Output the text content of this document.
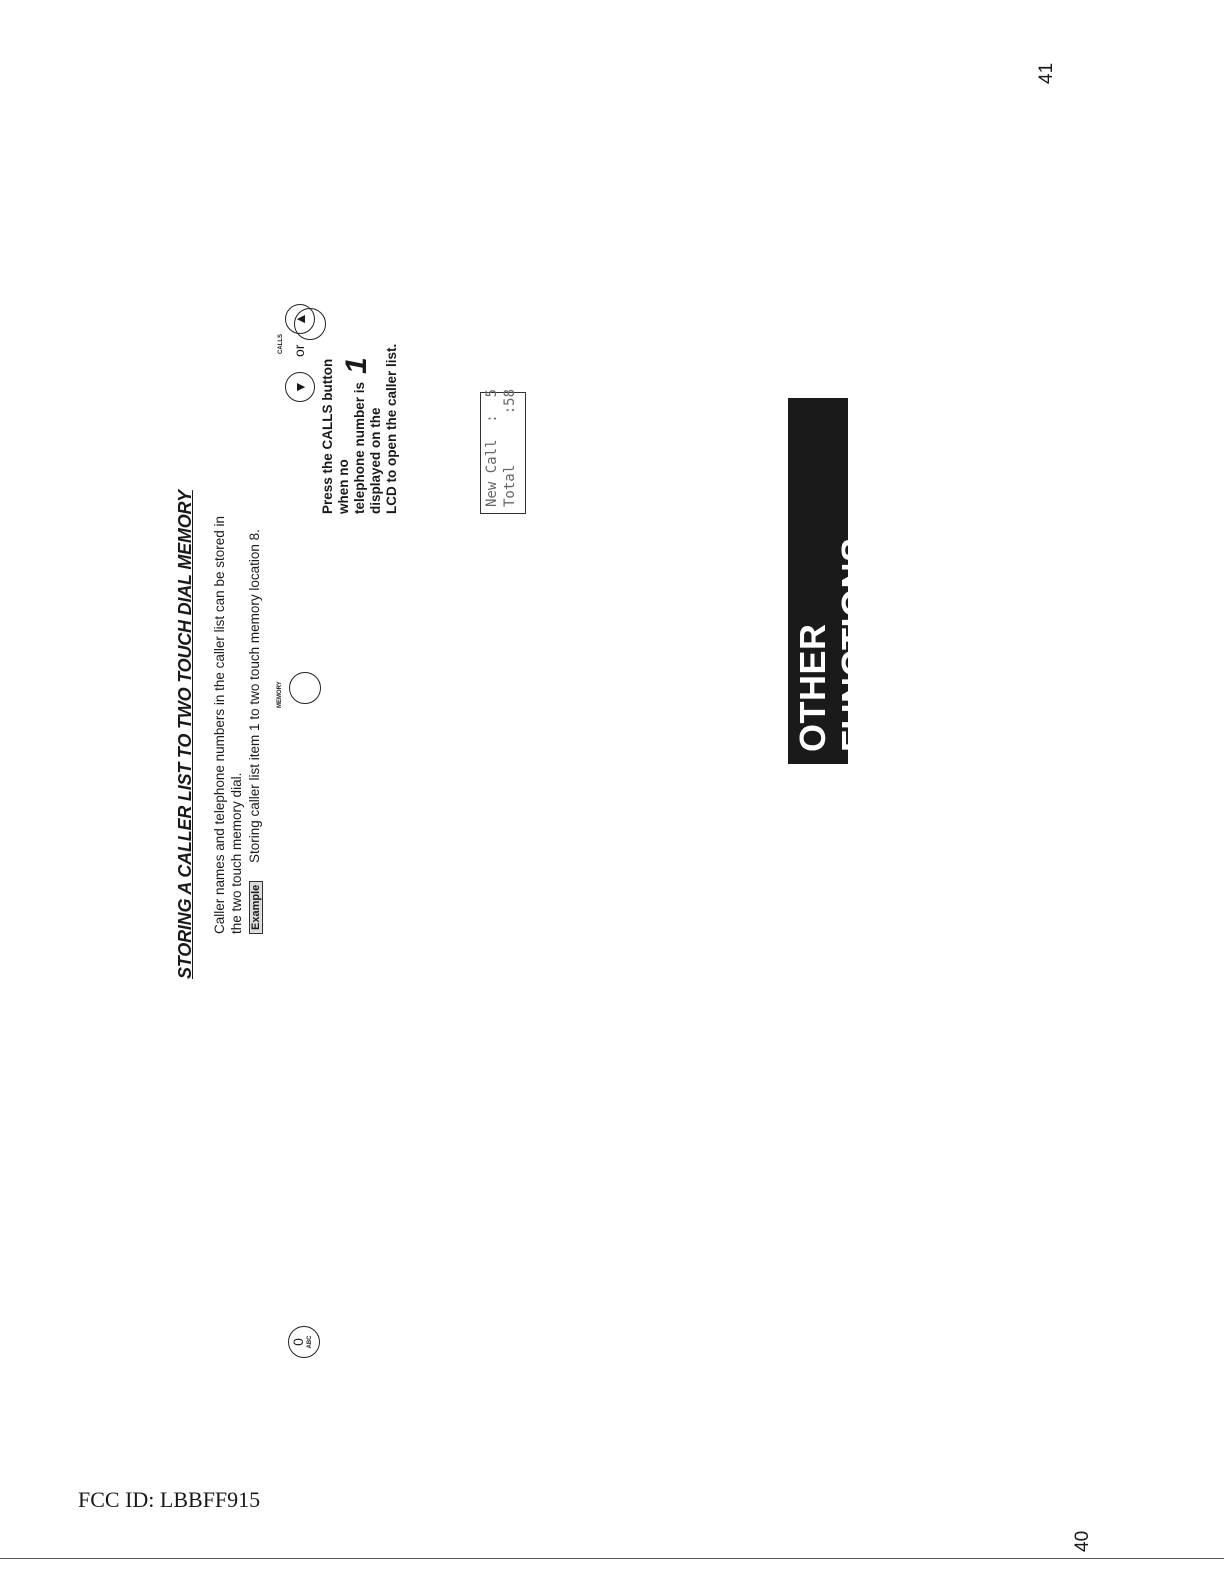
FCC ID: LBBFF915
40
41
OTHER FUNCTIONS
STORING A CALLER LIST TO TWO TOUCH DIAL MEMORY Caller names and telephone numbers in the caller list can be stored in the two touch memory dial. Example Storing caller list item 1 to two touch memory location 8.
CALLS
▲
or
▼
MEMORY
0 ABC
1
Press the CALLS button when no telephone number is displayed on the LCD to open the caller list.	New Call  :  5 Total      :58
